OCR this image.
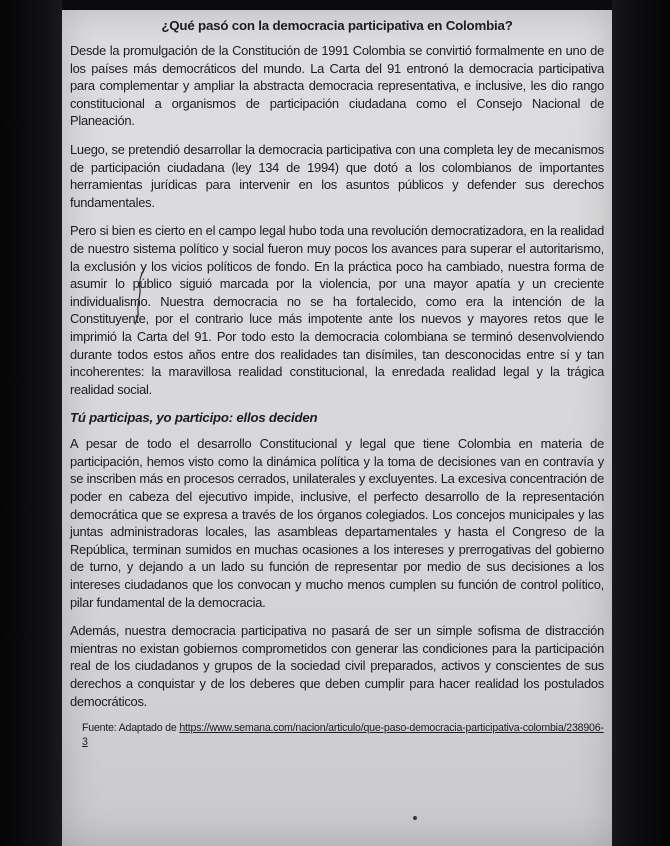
¿Qué pasó con la democracia participativa en Colombia?

Desde la promulgación de la Constitución de 1991 Colombia se convirtió formalmente en uno de los países más democráticos del mundo. La Carta del 91 entronó la democracia participativa para complementar y ampliar la abstracta democracia representativa, e inclusive, les dio rango constitucional a organismos de participación ciudadana como el Consejo Nacional de Planeación.

Luego, se pretendió desarrollar la democracia participativa con una completa ley de mecanismos de participación ciudadana (ley 134 de 1994) que dotó a los colombianos de importantes herramientas jurídicas para intervenir en los asuntos públicos y defender sus derechos fundamentales.

Pero si bien es cierto en el campo legal hubo toda una revolución democratizadora, en la realidad de nuestro sistema político y social fueron muy pocos los avances para superar el autoritarismo, la exclusión y los vicios políticos de fondo. En la práctica poco ha cambiado, nuestra forma de asumir lo público siguió marcada por la violencia, por una mayor apatía y un creciente individualismo. Nuestra democracia no se ha fortalecido, como era la intención de la Constituyente, por el contrario luce más impotente ante los nuevos y mayores retos que le imprimió la Carta del 91. Por todo esto la democracia colombiana se terminó desenvolviendo durante todos estos años entre dos realidades tan disímiles, tan desconocidas entre sí y tan incoherentes: la maravillosa realidad constitucional, la enredada realidad legal y la trágica realidad social.

Tú participas, yo participo: ellos deciden

A pesar de todo el desarrollo Constitucional y legal que tiene Colombia en materia de participación, hemos visto como la dinámica política y la toma de decisiones van en contravía y se inscriben más en procesos cerrados, unilaterales y excluyentes. La excesiva concentración de poder en cabeza del ejecutivo impide, inclusive, el perfecto desarrollo de la representación democrática que se expresa a través de los órganos colegiados. Los concejos municipales y las juntas administradoras locales, las asambleas departamentales y hasta el Congreso de la República, terminan sumidos en muchas ocasiones a los intereses y prerrogativas del gobierno de turno, y dejando a un lado su función de representar por medio de sus decisiones a los intereses ciudadanos que los convocan y mucho menos cumplen su función de control político, pilar fundamental de la democracia.

Además, nuestra democracia participativa no pasará de ser un simple sofisma de distracción mientras no existan gobiernos comprometidos con generar las condiciones para la participación real de los ciudadanos y grupos de la sociedad civil preparados, activos y conscientes de sus derechos a conquistar y de los deberes que deben cumplir para hacer realidad los postulados democráticos.

Fuente: Adaptado de https://www.semana.com/nacion/articulo/que-paso-democracia-participativa-colombia/238906-3
